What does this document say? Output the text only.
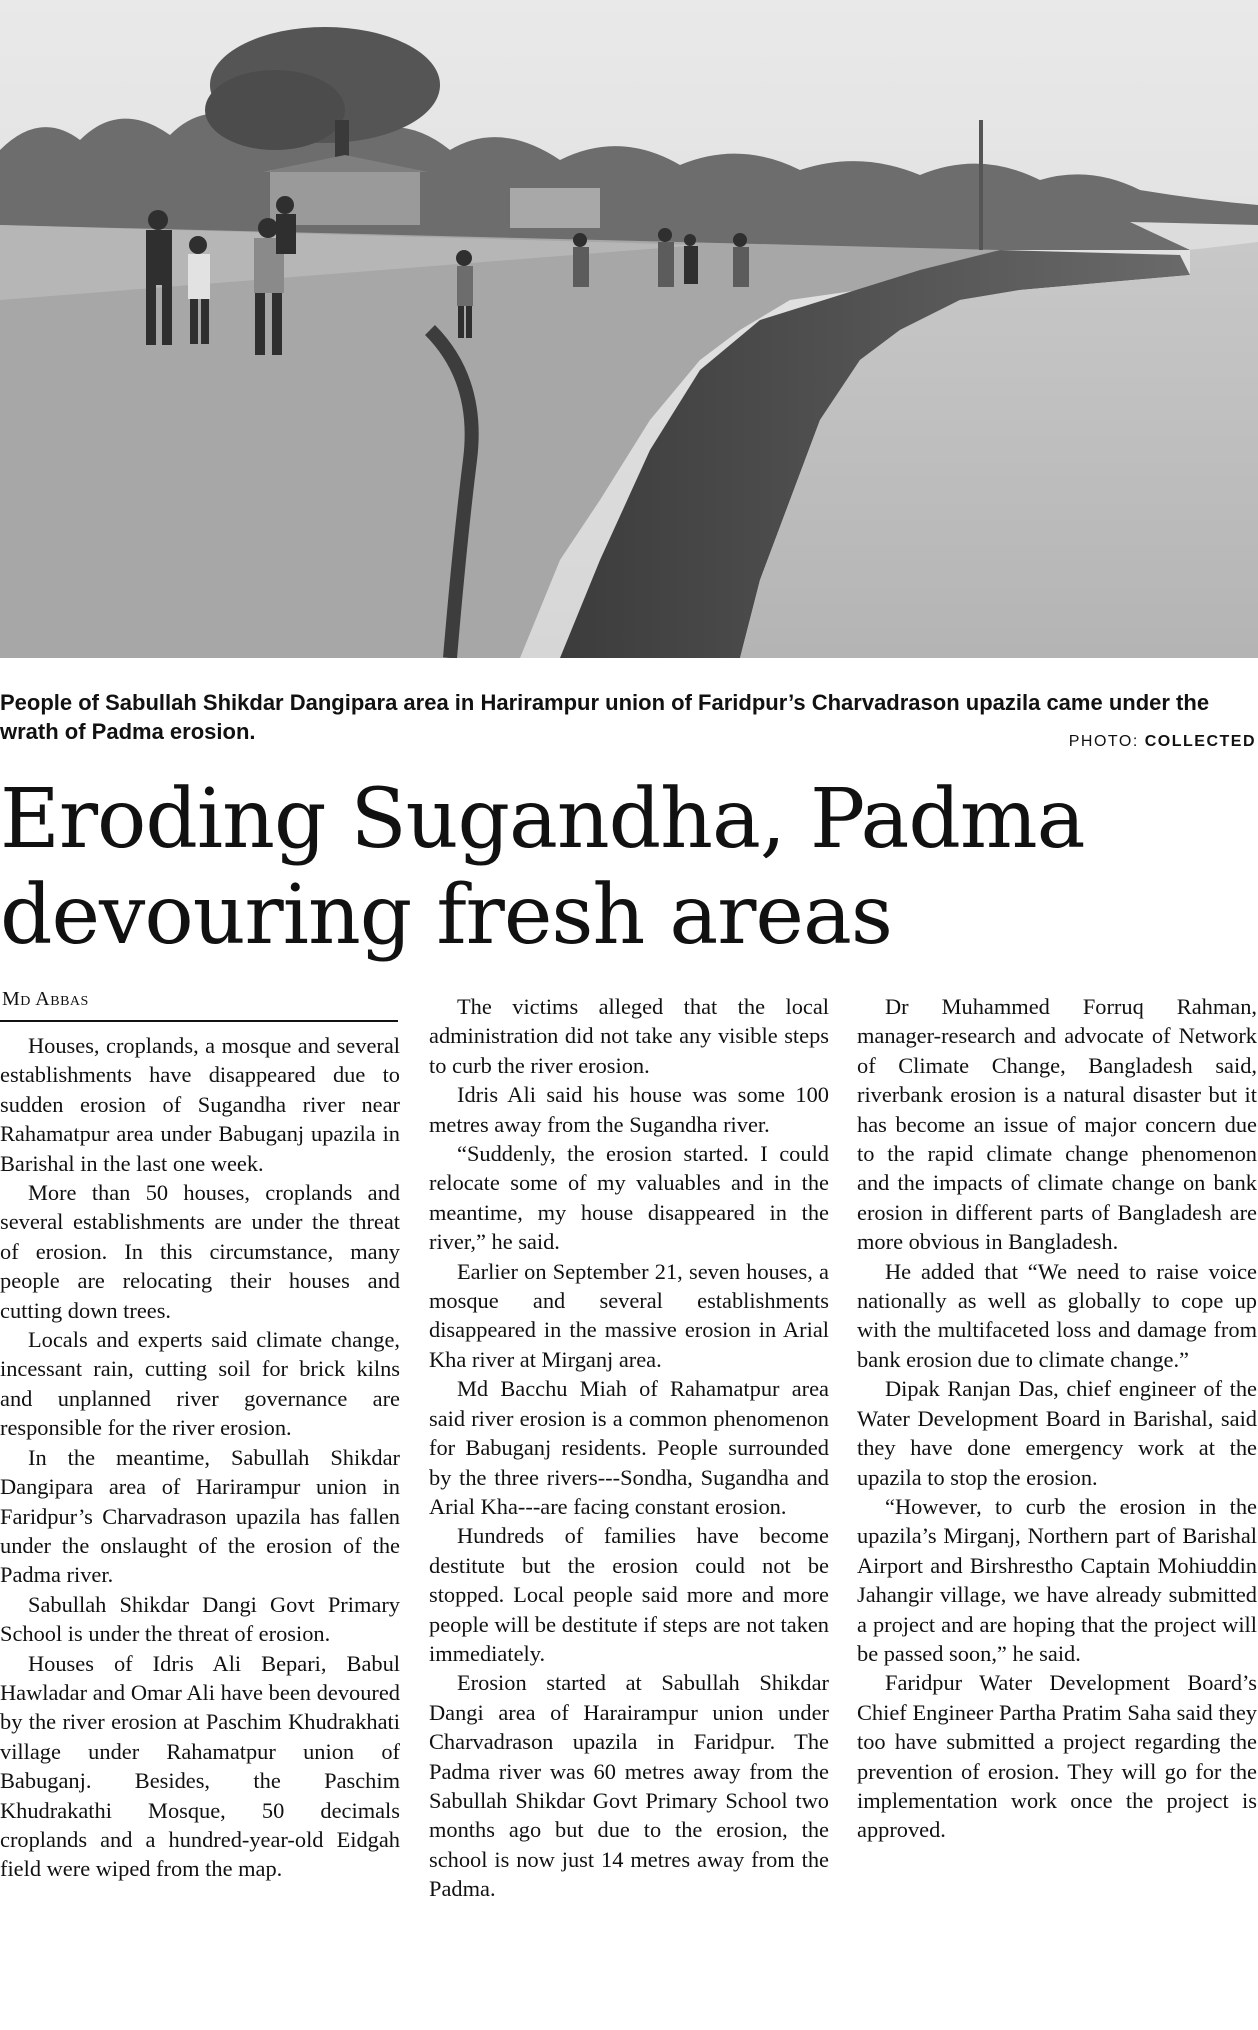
People of Sabullah Shikdar Dangipara area in Harirampur union of Faridpur’s Charvadrason upazila came under the wrath of Padma erosion.	PHOTO: COLLECTED
Eroding Sugandha, Padma
devouring fresh areas
Md Abbas

Houses, croplands, a mosque and several establishments have disappeared due to sudden erosion of Sugandha river near Rahamatpur area under Babuganj upazila in Barishal in the last one week.

More than 50 houses, croplands and several establishments are under the threat of erosion. In this circumstance, many people are relocating their houses and cutting down trees.

Locals and experts said climate change, incessant rain, cutting soil for brick kilns and unplanned river governance are responsible for the river erosion.

In the meantime, Sabullah Shikdar Dangipara area of Harirampur union in Faridpur’s Charvadrason upazila has fallen under the onslaught of the erosion of the Padma river.

Sabullah Shikdar Dangi Govt Primary School is under the threat of erosion.

Houses of Idris Ali Bepari, Babul Hawladar and Omar Ali have been devoured by the river erosion at Paschim Khudrakhati village under Rahamatpur union of Babuganj. Besides, the Paschim Khudrakathi Mosque, 50 decimals croplands and a hundred-year-old Eidgah field were wiped from the map.

The victims alleged that the local administration did not take any visible steps to curb the river erosion.

Idris Ali said his house was some 100 metres away from the Sugandha river.

“Suddenly, the erosion started. I could relocate some of my valuables and in the meantime, my house disappeared in the river,” he said.

Earlier on September 21, seven houses, a mosque and several establishments disappeared in the massive erosion in Arial Kha river at Mirganj area.

Md Bacchu Miah of Rahamatpur area said river erosion is a common phenomenon for Babuganj residents. People surrounded by the three rivers---Sondha, Sugandha and Arial Kha---are facing constant erosion.

Hundreds of families have become destitute but the erosion could not be stopped. Local people said more and more people will be destitute if steps are not taken immediately.

Erosion started at Sabullah Shikdar Dangi area of Harairampur union under Charvadrason upazila in Faridpur. The Padma river was 60 metres away from the Sabullah Shikdar Govt Primary School two months ago but due to the erosion, the school is now just 14 metres away from the Padma.

Dr Muhammed Forruq Rahman, manager-research and advocate of Network of Climate Change, Bangladesh said, riverbank erosion is a natural disaster but it has become an issue of major concern due to the rapid climate change phenomenon and the impacts of climate change on bank erosion in different parts of Bangladesh are more obvious in Bangladesh.

He added that “We need to raise voice nationally as well as globally to cope up with the multifaceted loss and damage from bank erosion due to climate change.”

Dipak Ranjan Das, chief engineer of the Water Development Board in Barishal, said they have done emergency work at the upazila to stop the erosion.

“However, to curb the erosion in the upazila’s Mirganj, Northern part of Barishal Airport and Birshrestho Captain Mohiuddin Jahangir village, we have already submitted a project and are hoping that the project will be passed soon,” he said.

Faridpur Water Development Board’s Chief Engineer Partha Pratim Saha said they too have submitted a project regarding the prevention of erosion. They will go for the implementation work once the project is approved.
